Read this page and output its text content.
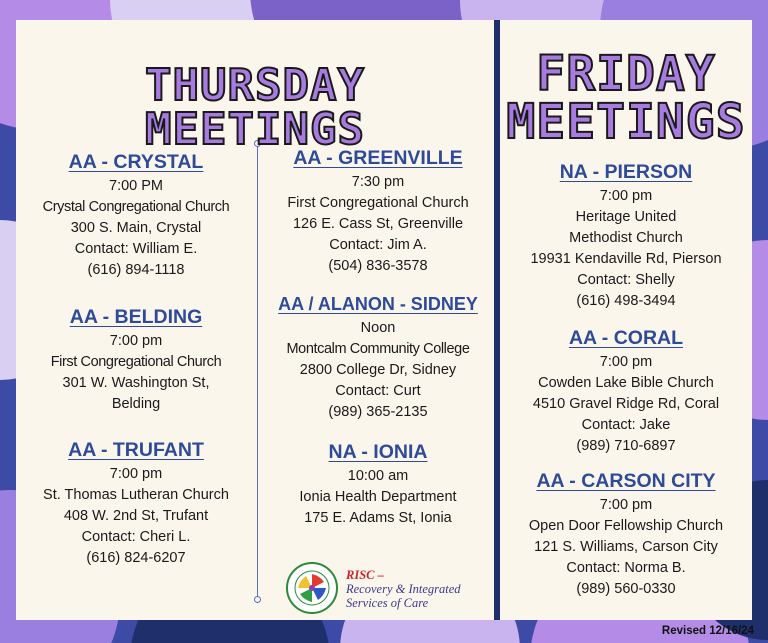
THURSDAY MEETINGS
FRIDAY
MEETINGS
AA - CRYSTAL
7:00 PM
Crystal Congregational Church
300 S. Main, Crystal
Contact: William E.
(616) 894-1118
AA - BELDING
7:00 pm
First Congregational Church
301 W. Washington St,
Belding
AA - TRUFANT
7:00 pm
St. Thomas Lutheran Church
408 W. 2nd St, Trufant
Contact: Cheri L.
(616) 824-6207
AA - GREENVILLE
7:30 pm
First Congregational Church
126 E. Cass St, Greenville
Contact: Jim A.
(504) 836-3578
AA / ALANON - SIDNEY
Noon
Montcalm Community College
2800 College Dr, Sidney
Contact: Curt
(989) 365-2135
NA - IONIA
10:00 am
Ionia Health Department
175 E. Adams St, Ionia
NA - PIERSON
7:00 pm
Heritage United Methodist Church
19931 Kendaville Rd, Pierson
Contact: Shelly
(616) 498-3494
AA - CORAL
7:00 pm
Cowden Lake Bible Church
4510 Gravel Ridge Rd, Coral
Contact: Jake
(989) 710-6897
AA - CARSON CITY
7:00 pm
Open Door Fellowship Church
121 S. Williams, Carson City
Contact: Norma B.
(989) 560-0330
RISC –
Recovery & Integrated
Services of Care
Revised 12/16/24
